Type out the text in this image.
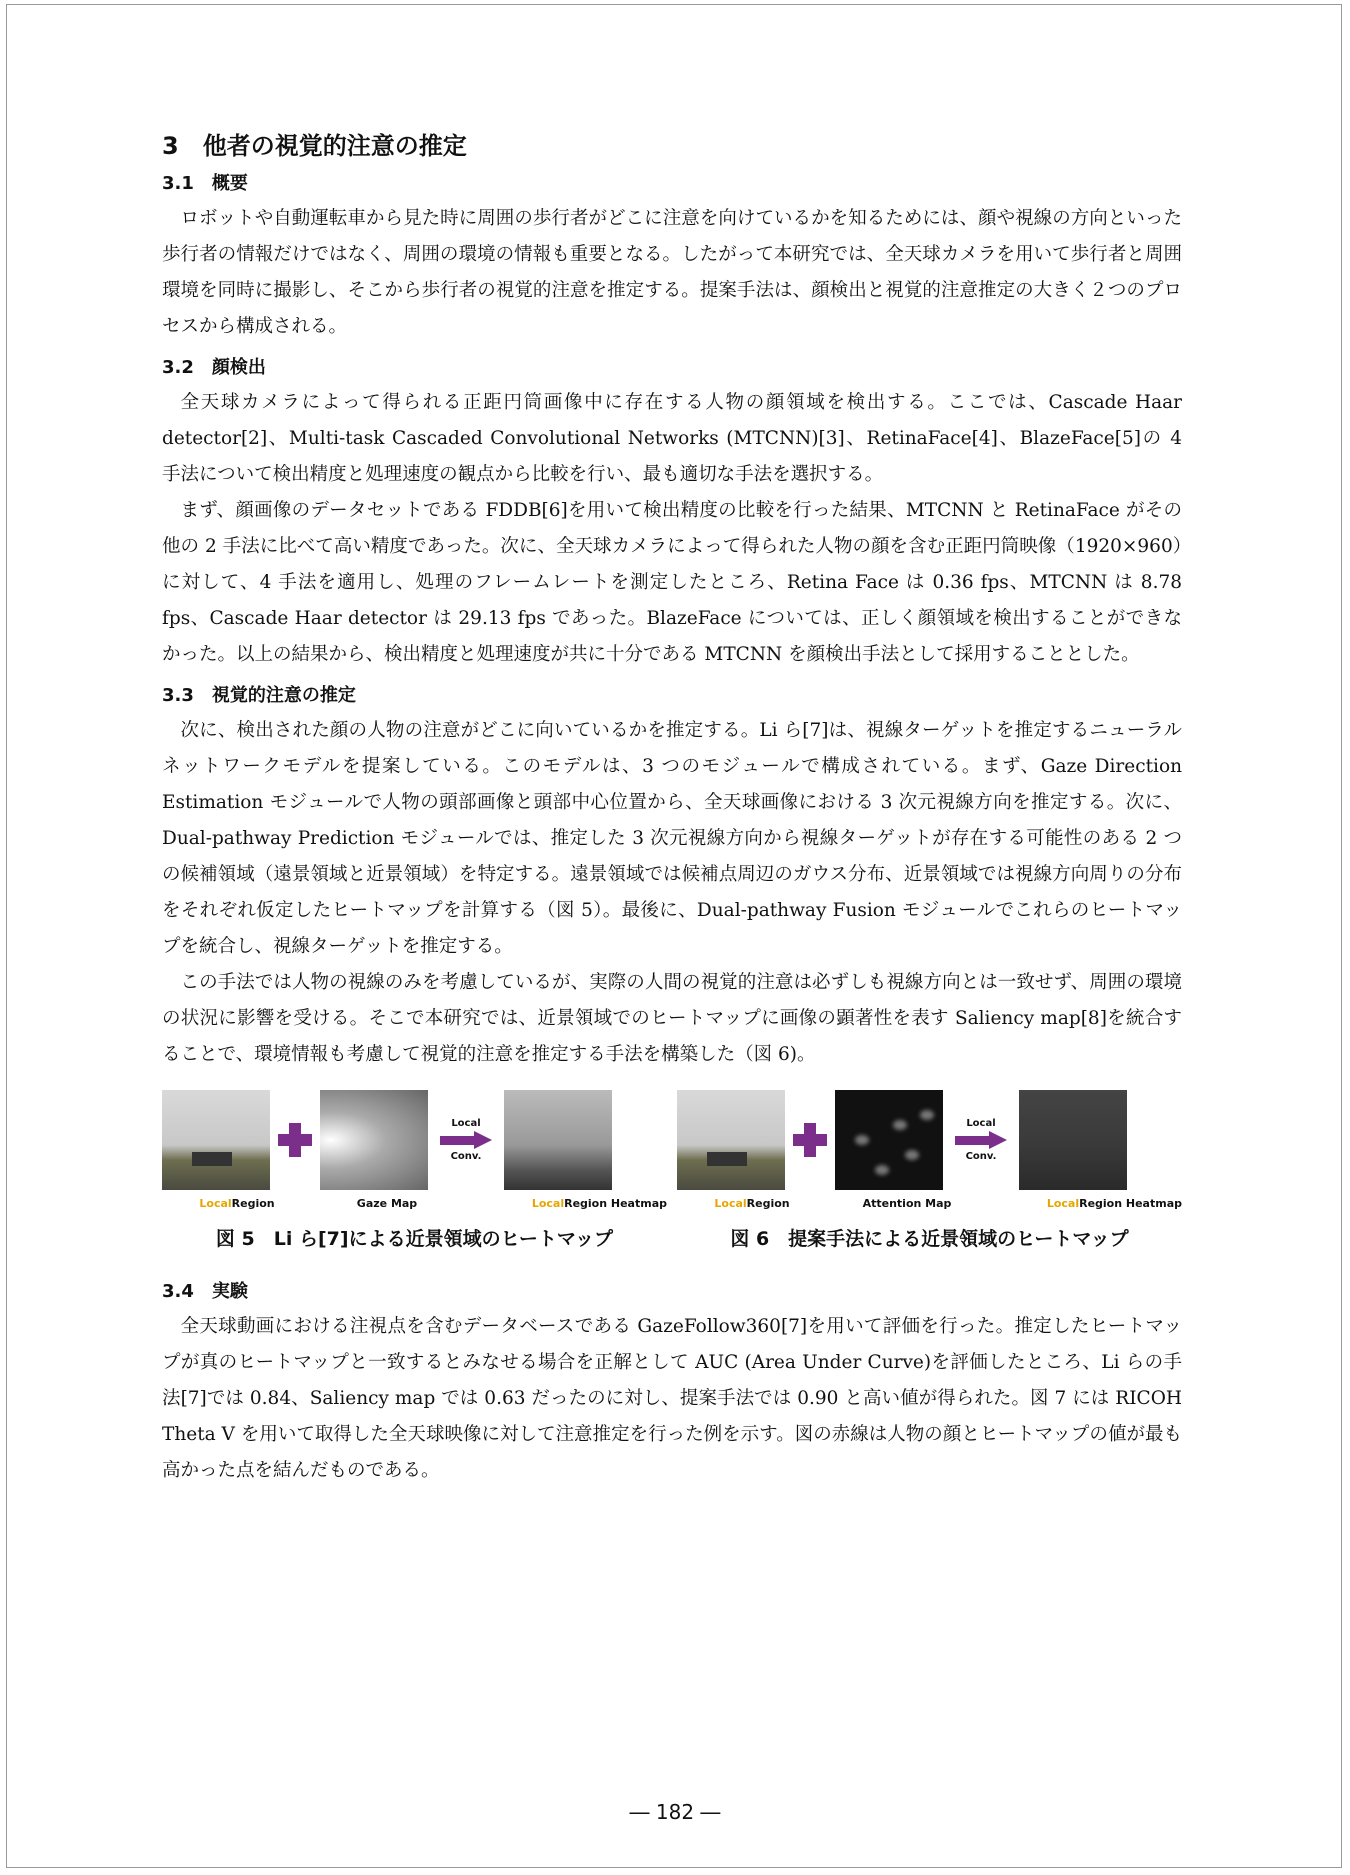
3　他者の視覚的注意の推定
3.1　概要

ロボットや自動運転車から見た時に周囲の歩行者がどこに注意を向けているかを知るためには、顔や視線の方向といった歩行者の情報だけではなく、周囲の環境の情報も重要となる。したがって本研究では、全天球カメラを用いて歩行者と周囲環境を同時に撮影し、そこから歩行者の視覚的注意を推定する。提案手法は、顔検出と視覚的注意推定の大きく２つのプロセスから構成される。

3.2　顔検出

全天球カメラによって得られる正距円筒画像中に存在する人物の顔領域を検出する。ここでは、Cascade Haar detector[2]、Multi-task Cascaded Convolutional Networks (MTCNN)[3]、RetinaFace[4]、BlazeFace[5]の 4 手法について検出精度と処理速度の観点から比較を行い、最も適切な手法を選択する。

まず、顔画像のデータセットである FDDB[6]を用いて検出精度の比較を行った結果、MTCNN と RetinaFace がその他の 2 手法に比べて高い精度であった。次に、全天球カメラによって得られた人物の顔を含む正距円筒映像（1920×960）に対して、4 手法を適用し、処理のフレームレートを測定したところ、Retina Face は 0.36 fps、MTCNN は 8.78 fps、Cascade Haar detector は 29.13 fps であった。BlazeFace については、正しく顔領域を検出することができなかった。以上の結果から、検出精度と処理速度が共に十分である MTCNN を顔検出手法として採用することとした。

3.3　視覚的注意の推定

次に、検出された顔の人物の注意がどこに向いているかを推定する。Li ら[7]は、視線ターゲットを推定するニューラルネットワークモデルを提案している。このモデルは、3 つのモジュールで構成されている。まず、Gaze Direction Estimation モジュールで人物の頭部画像と頭部中心位置から、全天球画像における 3 次元視線方向を推定する。次に、Dual-pathway Prediction モジュールでは、推定した 3 次元視線方向から視線ターゲットが存在する可能性のある 2 つの候補領域（遠景領域と近景領域）を特定する。遠景領域では候補点周辺のガウス分布、近景領域では視線方向周りの分布をそれぞれ仮定したヒートマップを計算する（図 5）。最後に、Dual-pathway Fusion モジュールでこれらのヒートマップを統合し、視線ターゲットを推定する。

この手法では人物の視線のみを考慮しているが、実際の人間の視覚的注意は必ずしも視線方向とは一致せず、周囲の環境の状況に影響を受ける。そこで本研究では、近景領域でのヒートマップに画像の顕著性を表す Saliency map[8]を統合することで、環境情報も考慮して視覚的注意を推定する手法を構築した（図 6)。

Local
Conv.
LocalRegion	Gaze Map	LocalRegion Heatmap
図 5　Li ら[7]による近景領域のヒートマップ
Local
Conv.
LocalRegion	Attention Map	LocalRegion Heatmap
図 6　提案手法による近景領域のヒートマップ
3.4　実験

全天球動画における注視点を含むデータベースである GazeFollow360[7]を用いて評価を行った。推定したヒートマップが真のヒートマップと一致するとみなせる場合を正解として AUC (Area Under Curve)を評価したところ、Li らの手法[7]では 0.84、Saliency map では 0.63 だったのに対し、提案手法では 0.90 と高い値が得られた。図 7 には RICOH Theta V を用いて取得した全天球映像に対して注意推定を行った例を示す。図の赤線は人物の顔とヒートマップの値が最も高かった点を結んだものである。

― 182 ―
